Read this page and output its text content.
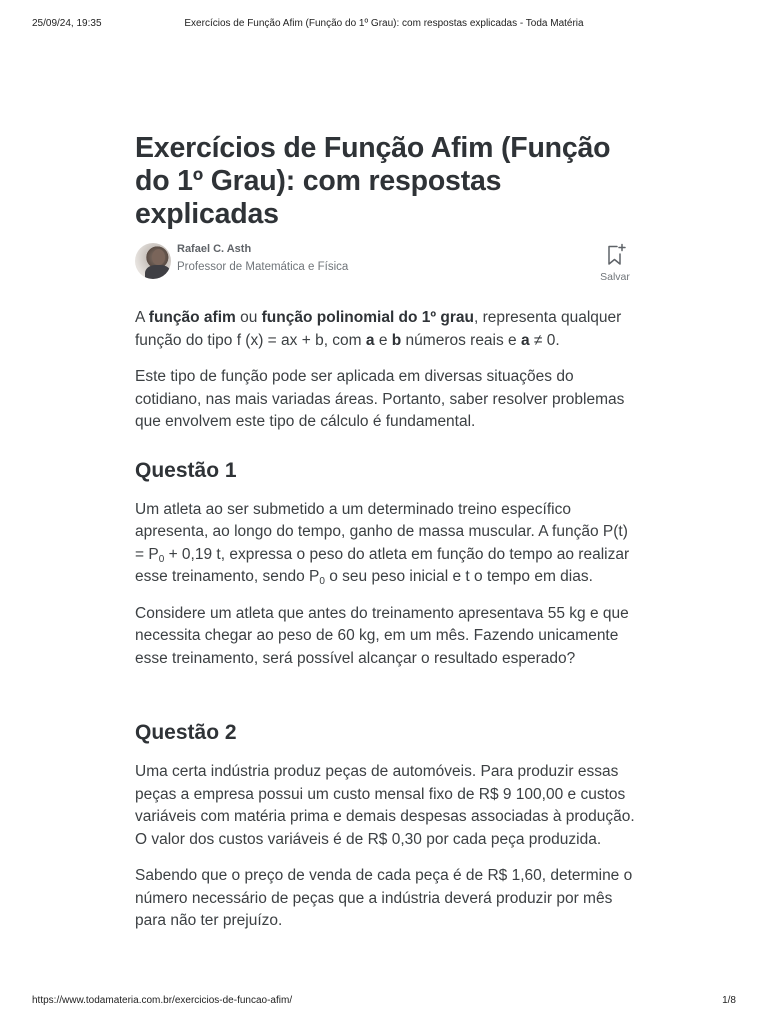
25/09/24, 19:35	Exercícios de Função Afim (Função do 1º Grau): com respostas explicadas - Toda Matéria
Exercícios de Função Afim (Função do 1º Grau): com respostas explicadas
Rafael C. Asth
Professor de Matemática e Física
Salvar

A função afim ou função polinomial do 1º grau, representa qualquer função do tipo f (x) = ax + b, com a e b números reais e a ≠ 0.

Este tipo de função pode ser aplicada em diversas situações do cotidiano, nas mais variadas áreas. Portanto, saber resolver problemas que envolvem este tipo de cálculo é fundamental.

Questão 1

Um atleta ao ser submetido a um determinado treino específico apresenta, ao longo do tempo, ganho de massa muscular. A função $P(t) = P_0 + 0,19$ t, expressa o peso do atleta em função do tempo ao realizar esse treinamento, sendo $P_0$ o seu peso inicial e t o tempo em dias.

Considere um atleta que antes do treinamento apresentava 55 kg e que necessita chegar ao peso de 60 kg, em um mês. Fazendo unicamente esse treinamento, será possível alcançar o resultado esperado?

Questão 2

Uma certa indústria produz peças de automóveis. Para produzir essas peças a empresa possui um custo mensal fixo de R$ 9 100,00 e custos variáveis com matéria prima e demais despesas associadas à produção. O valor dos custos variáveis é de R$ 0,30 por cada peça produzida.

Sabendo que o preço de venda de cada peça é de R$ 1,60, determine o número necessário de peças que a indústria deverá produzir por mês para não ter prejuízo.

https://www.todamateria.com.br/exercicios-de-funcao-afim/	1/8
